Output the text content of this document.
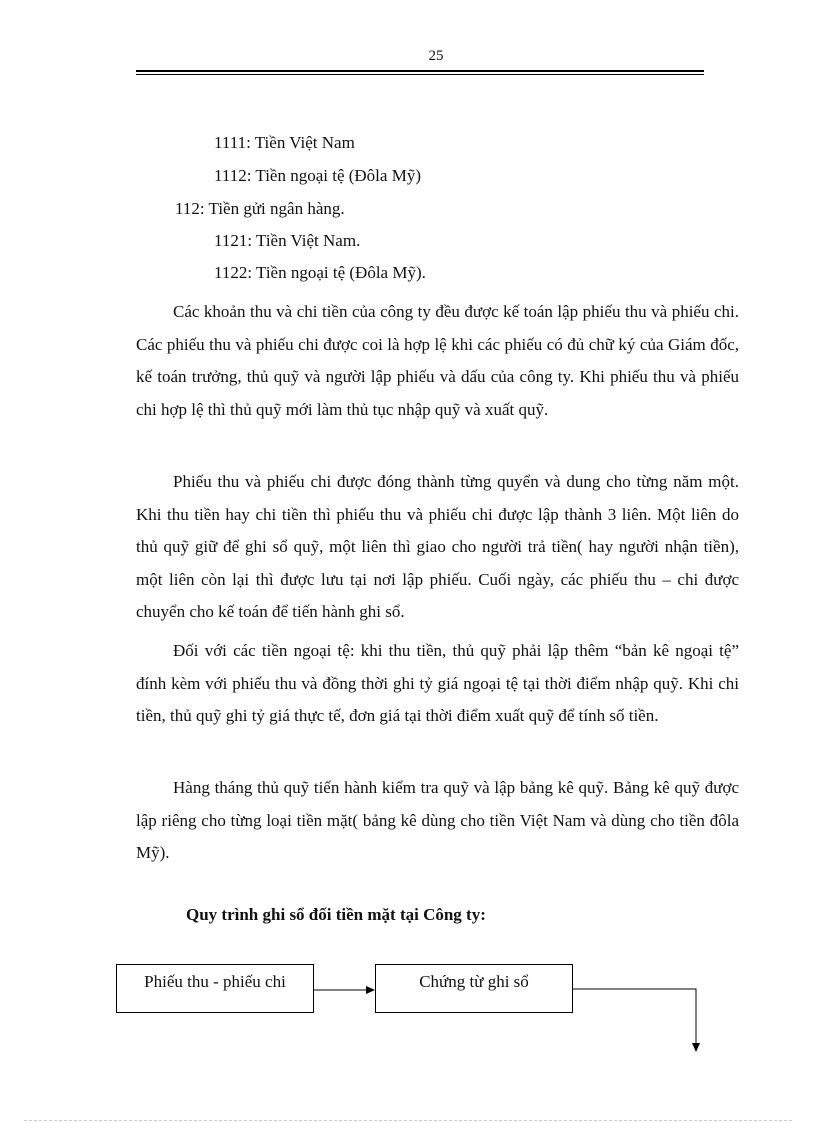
25
1111: Tiền Việt Nam
1112: Tiền ngoại tệ (Đôla Mỹ)
112: Tiền gửi ngân hàng.
1121: Tiền Việt Nam.
1122: Tiền ngoại tệ (Đôla Mỹ).

Các khoản thu và chi tiền của công ty đều được kế toán lập phiếu thu và phiếu chi. Các phiếu thu và phiếu chi được coi là hợp lệ khi các phiếu có đủ chữ ký của Giám đốc, kế toán trưởng, thủ quỹ và người lập phiếu và dấu của công ty. Khi phiếu thu và phiếu chi hợp lệ thì thủ quỹ mới làm thủ tục nhập quỹ và xuất quỹ.

Phiếu thu và phiếu chi được đóng thành từng quyển và dung cho từng năm một. Khi thu tiền hay chi tiền thì phiếu thu và phiếu chi được lập thành 3 liên. Một liên do thủ quỹ giữ để ghi sổ quỹ, một liên thì giao cho người trả tiền( hay người nhận tiền), một liên còn lại thì được lưu tại nơi lập phiếu. Cuối ngày, các phiếu thu – chi được chuyển cho kế toán để tiến hành ghi sổ.

Đối với các tiền ngoại tệ: khi thu tiền, thủ quỹ phải lập thêm “bản kê ngoại tệ” đính kèm với phiếu thu và đồng thời ghi tỷ giá ngoại tệ tại thời điểm nhập quỹ. Khi chi tiền, thủ quỹ ghi tỷ giá thực tế, đơn giá tại thời điểm xuất quỹ để tính số tiền.

Hàng tháng thủ quỹ tiến hành kiểm tra quỹ và lập bảng kê quỹ. Bảng kê quỹ được lập riêng cho từng loại tiền mặt( bảng kê dùng cho tiền Việt Nam và dùng cho tiền đôla Mỹ).

Quy trình ghi sổ đối tiền mặt tại Công ty:
Phiếu thu - phiếu chi	Chứng từ ghi sổ
